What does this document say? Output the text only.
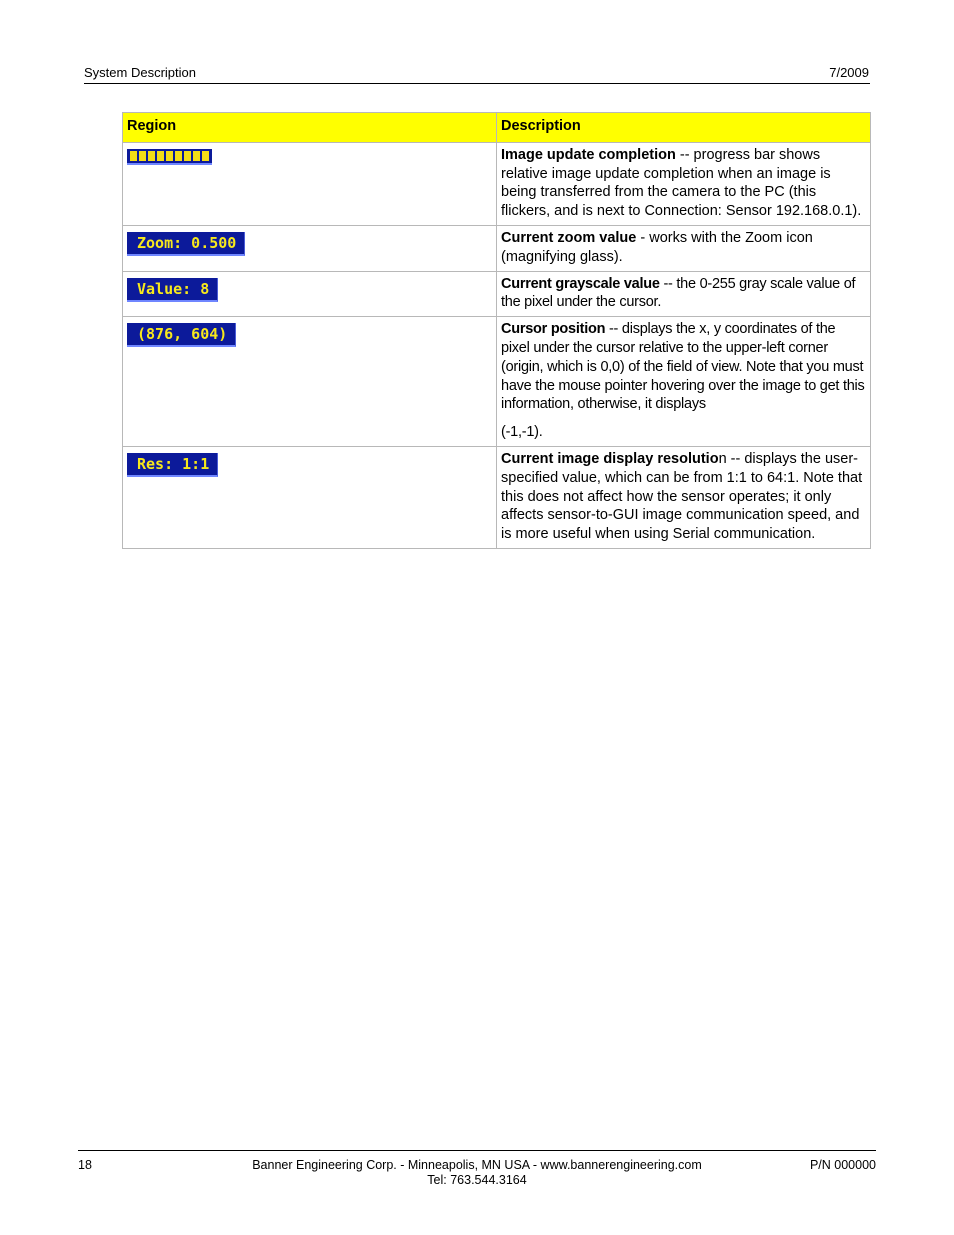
System Description	7/2009
Region	Description

	Image update completion -- progress bar shows relative image update completion when an image is being transferred from the camera to the PC (this flickers, and is next to Connection: Sensor 192.168.0.1).
Zoom: 0.500	Current zoom value - works with the Zoom icon (magnifying glass).
Value: 8	Current grayscale value -- the 0-255 gray scale value of the pixel under the cursor.
(876, 604)	Cursor position -- displays the x, y coordinates of the pixel under the cursor relative to the upper-left corner (origin, which is 0,0) of the field of view. Note that you must have the mouse pointer hovering over the image to get this information, otherwise, it displays
(-1,-1).

Res: 1:1	Current image display resolution -- displays the user-specified value, which can be from 1:1 to 64:1. Note that this does not affect how the sensor operates; it only affects sensor-to-GUI image communication speed, and is more useful when using Serial communication.
18	Banner Engineering Corp. - Minneapolis, MN USA - www.bannerengineering.com
Tel: 763.544.3164
P/N 000000
